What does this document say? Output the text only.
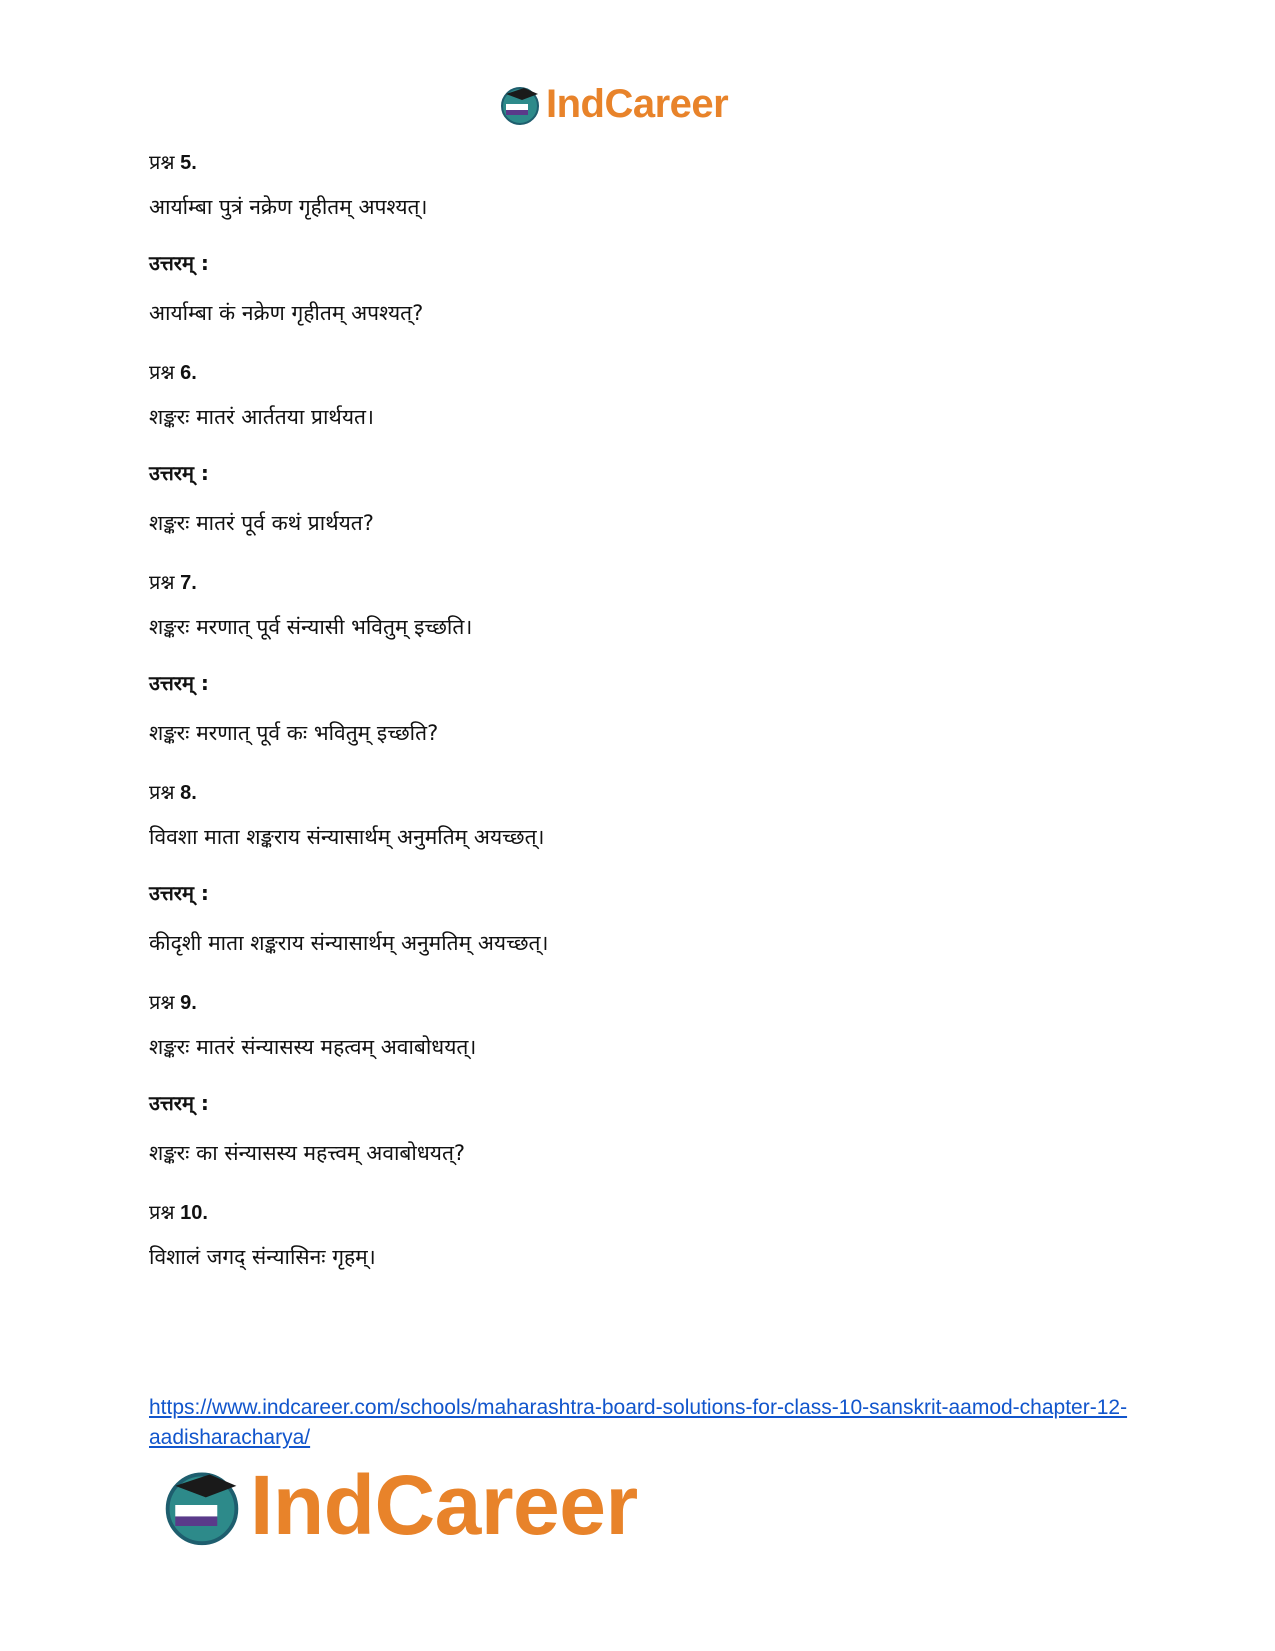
IndCareer
प्रश्न 5.
आर्याम्बा पुत्रं नक्रेण गृहीतम् अपश्यत्।
उत्तरम् :
आर्याम्बा कं नक्रेण गृहीतम् अपश्यत्?
प्रश्न 6.
शङ्करः मातरं आर्ततया प्रार्थयत।
उत्तरम् :
शङ्करः मातरं पूर्व कथं प्रार्थयत?
प्रश्न 7.
शङ्करः मरणात् पूर्व संन्यासी भवितुम् इच्छति।
उत्तरम् :
शङ्करः मरणात् पूर्व कः भवितुम् इच्छति?
प्रश्न 8.
विवशा माता शङ्कराय संन्यासार्थम् अनुमतिम् अयच्छत्।
उत्तरम् :
कीदृशी माता शङ्कराय संन्यासार्थम् अनुमतिम् अयच्छत्।
प्रश्न 9.
शङ्करः मातरं संन्यासस्य महत्वम् अवाबोधयत्।
उत्तरम् :
शङ्करः का संन्यासस्य महत्त्वम् अवाबोधयत्?
प्रश्न 10.
विशालं जगद् संन्यासिनः गृहम्।
https://www.indcareer.com/schools/maharashtra-board-solutions-for-class-10-sanskrit-aamod-chapter-12-aadisharacharya/
IndCareer
